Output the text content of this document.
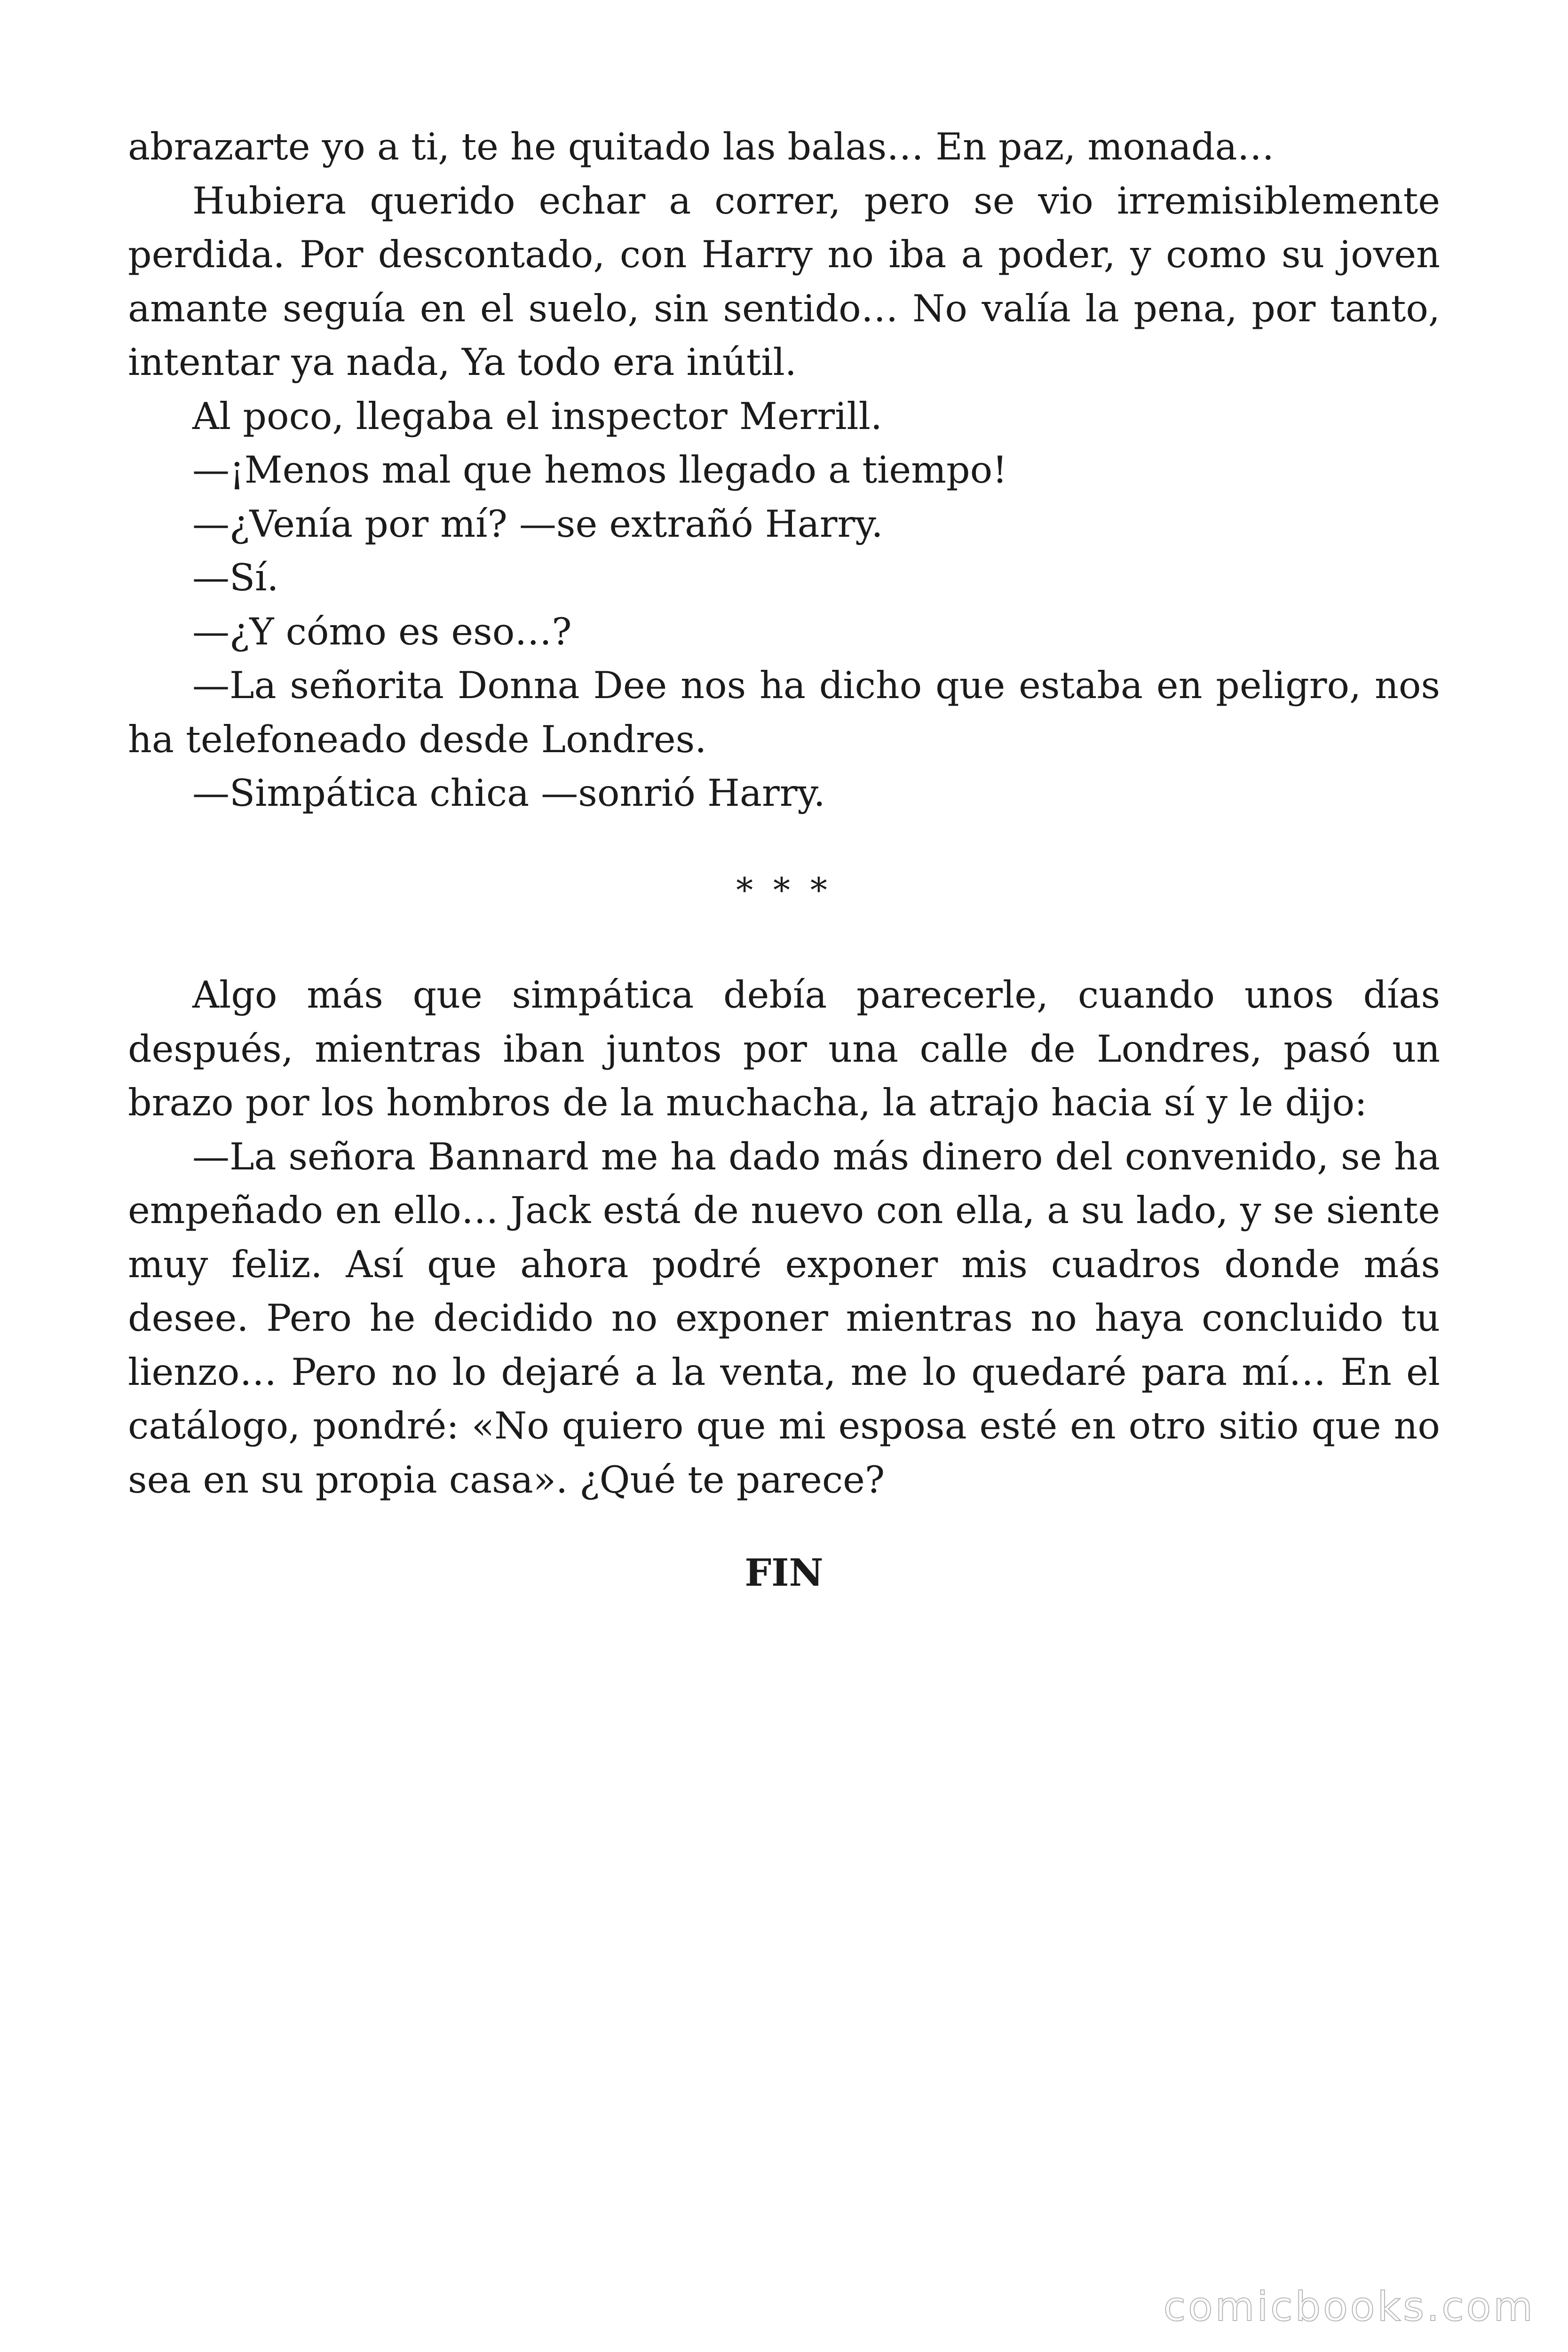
abrazarte yo a ti, te he quitado las balas… En paz, monada…

Hubiera querido echar a correr, pero se vio irremisiblemente perdida. Por descontado, con Harry no iba a poder, y como su joven amante seguía en el suelo, sin sentido… No valía la pena, por tanto, intentar ya nada, Ya todo era inútil.

Al poco, llegaba el inspector Merrill.

—¡Menos mal que hemos llegado a tiempo!

—¿Venía por mí? —se extrañó Harry.

—Sí.

—¿Y cómo es eso…?

—La señorita Donna Dee nos ha dicho que estaba en peligro, nos ha telefoneado desde Londres.

—Simpática chica —sonrió Harry.

* * *

Algo más que simpática debía parecerle, cuando unos días después, mientras iban juntos por una calle de Londres, pasó un brazo por los hombros de la muchacha, la atrajo hacia sí y le dijo:

—La señora Bannard me ha dado más dinero del convenido, se ha empeñado en ello… Jack está de nuevo con ella, a su lado, y se siente muy feliz. Así que ahora podré exponer mis cuadros donde más desee. Pero he decidido no exponer mientras no haya concluido tu lienzo… Pero no lo dejaré a la venta, me lo quedaré para mí… En el catálogo, pondré: «No quiero que mi esposa esté en otro sitio que no sea en su propia casa». ¿Qué te parece?

FIN
comicbooks.com
